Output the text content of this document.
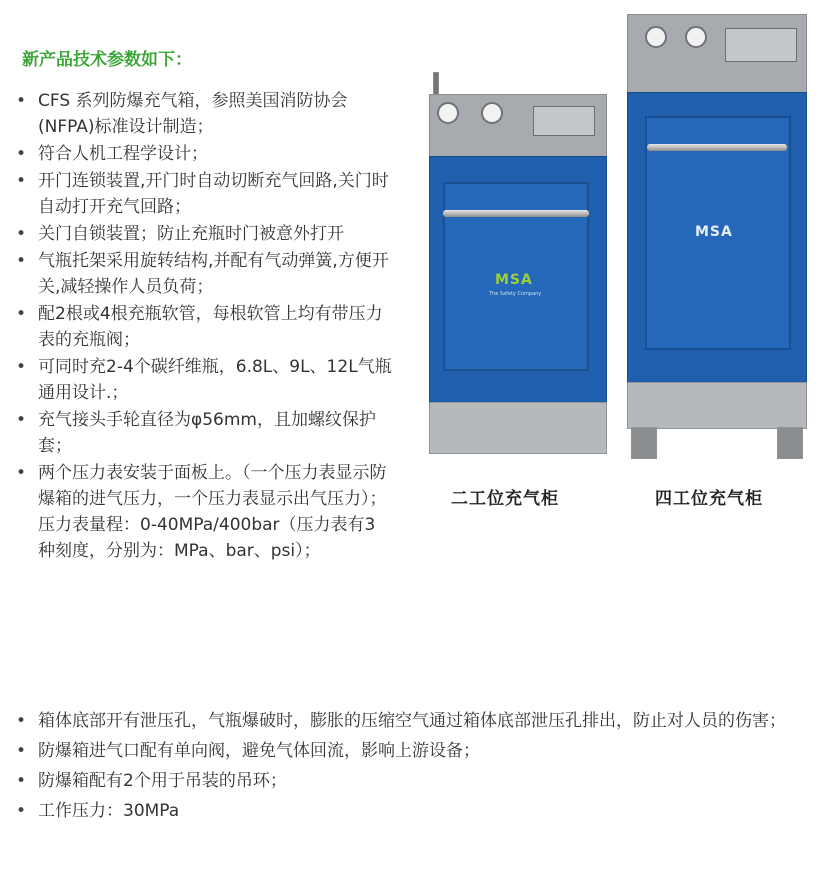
新产品技术参数如下：
• CFS 系列防爆充气箱，参照美国消防协会(NFPA)标准设计制造；
• 符合人机工程学设计；
• 开门连锁装置,开门时自动切断充气回路,关门时自动打开充气回路；
• 关门自锁装置；防止充瓶时门被意外打开
• 气瓶托架采用旋转结构,并配有气动弹簧,方便开关,减轻操作人员负荷；
• 配2根或4根充瓶软管，每根软管上均有带压力表的充瓶阀；
• 可同时充2-4个碳纤维瓶，6.8L、9L、12L气瓶通用设计.；
• 充气接头手轮直径为φ56mm，且加螺纹保护套；
• 两个压力表安装于面板上。（一个压力表显示防爆箱的进气压力，一个压力表显示出气压力）；压力表量程：0-40MPa/400bar（压力表有3种刻度，分别为：MPa、bar、psi）；
MSA
The Safety Company
二工位充气柜
MSA
四工位充气柜
• 箱体底部开有泄压孔，气瓶爆破时，膨胀的压缩空气通过箱体底部泄压孔排出，防止对人员的伤害；
• 防爆箱进气口配有单向阀，避免气体回流，影响上游设备；
• 防爆箱配有2个用于吊装的吊环；
• 工作压力：30MPa
